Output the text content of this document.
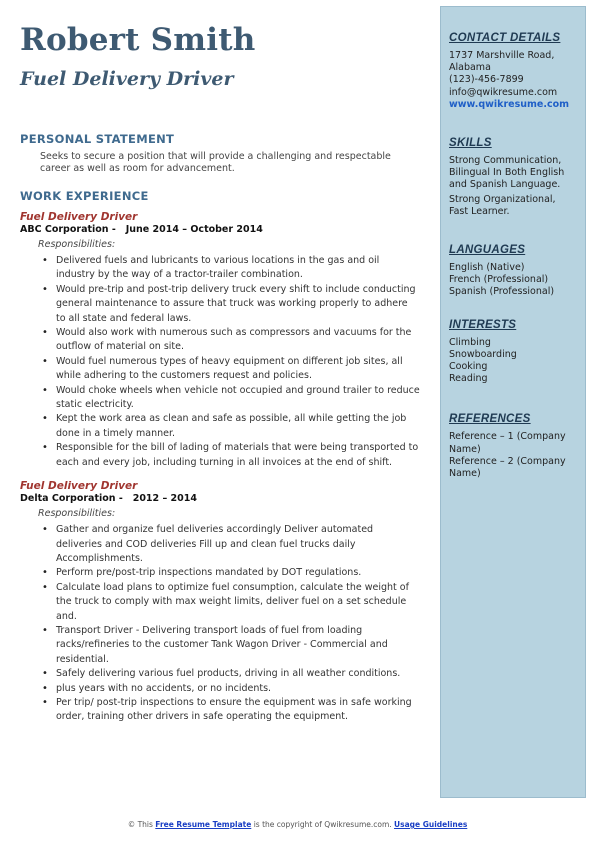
Robert Smith
Fuel Delivery Driver
PERSONAL STATEMENT
Seeks to secure a position that will provide a challenging and respectable career as well as room for advancement.
WORK EXPERIENCE
Fuel Delivery Driver
ABC Corporation -   June 2014 – October 2014
Responsibilities:
• Delivered fuels and lubricants to various locations in the gas and oil industry by the way of a tractor-trailer combination.
• Would pre-trip and post-trip delivery truck every shift to include conducting general maintenance to assure that truck was working properly to adhere to all state and federal laws.
• Would also work with numerous such as compressors and vacuums for the outflow of material on site.
• Would fuel numerous types of heavy equipment on different job sites, all while adhering to the customers request and policies.
• Would choke wheels when vehicle not occupied and ground trailer to reduce static electricity.
• Kept the work area as clean and safe as possible, all while getting the job done in a timely manner.
• Responsible for the bill of lading of materials that were being transported to each and every job, including turning in all invoices at the end of shift.
Fuel Delivery Driver
Delta Corporation -   2012 – 2014
Responsibilities:
• Gather and organize fuel deliveries accordingly Deliver automated deliveries and COD deliveries Fill up and clean fuel trucks daily Accomplishments.
• Perform pre/post-trip inspections mandated by DOT regulations.
• Calculate load plans to optimize fuel consumption, calculate the weight of the truck to comply with max weight limits, deliver fuel on a set schedule and.
• Transport Driver - Delivering transport loads of fuel from loading racks/refineries to the customer Tank Wagon Driver - Commercial and residential.
• Safely delivering various fuel products, driving in all weather conditions.
• plus years with no accidents, or no incidents.
• Per trip/ post-trip inspections to ensure the equipment was in safe working order, training other drivers in safe operating the equipment.
CONTACT DETAILS
1737 Marshville Road, Alabama
(123)-456-7899
info@qwikresume.com
www.qwikresume.com
SKILLS
Strong Communication, Bilingual In Both English and Spanish Language.
Strong Organizational, Fast Learner.
LANGUAGES
English (Native)
French (Professional)
Spanish (Professional)
INTERESTS
Climbing
Snowboarding
Cooking
Reading
REFERENCES
Reference – 1 (Company Name)
Reference – 2 (Company Name)
© This Free Resume Template is the copyright of Qwikresume.com. Usage Guidelines
